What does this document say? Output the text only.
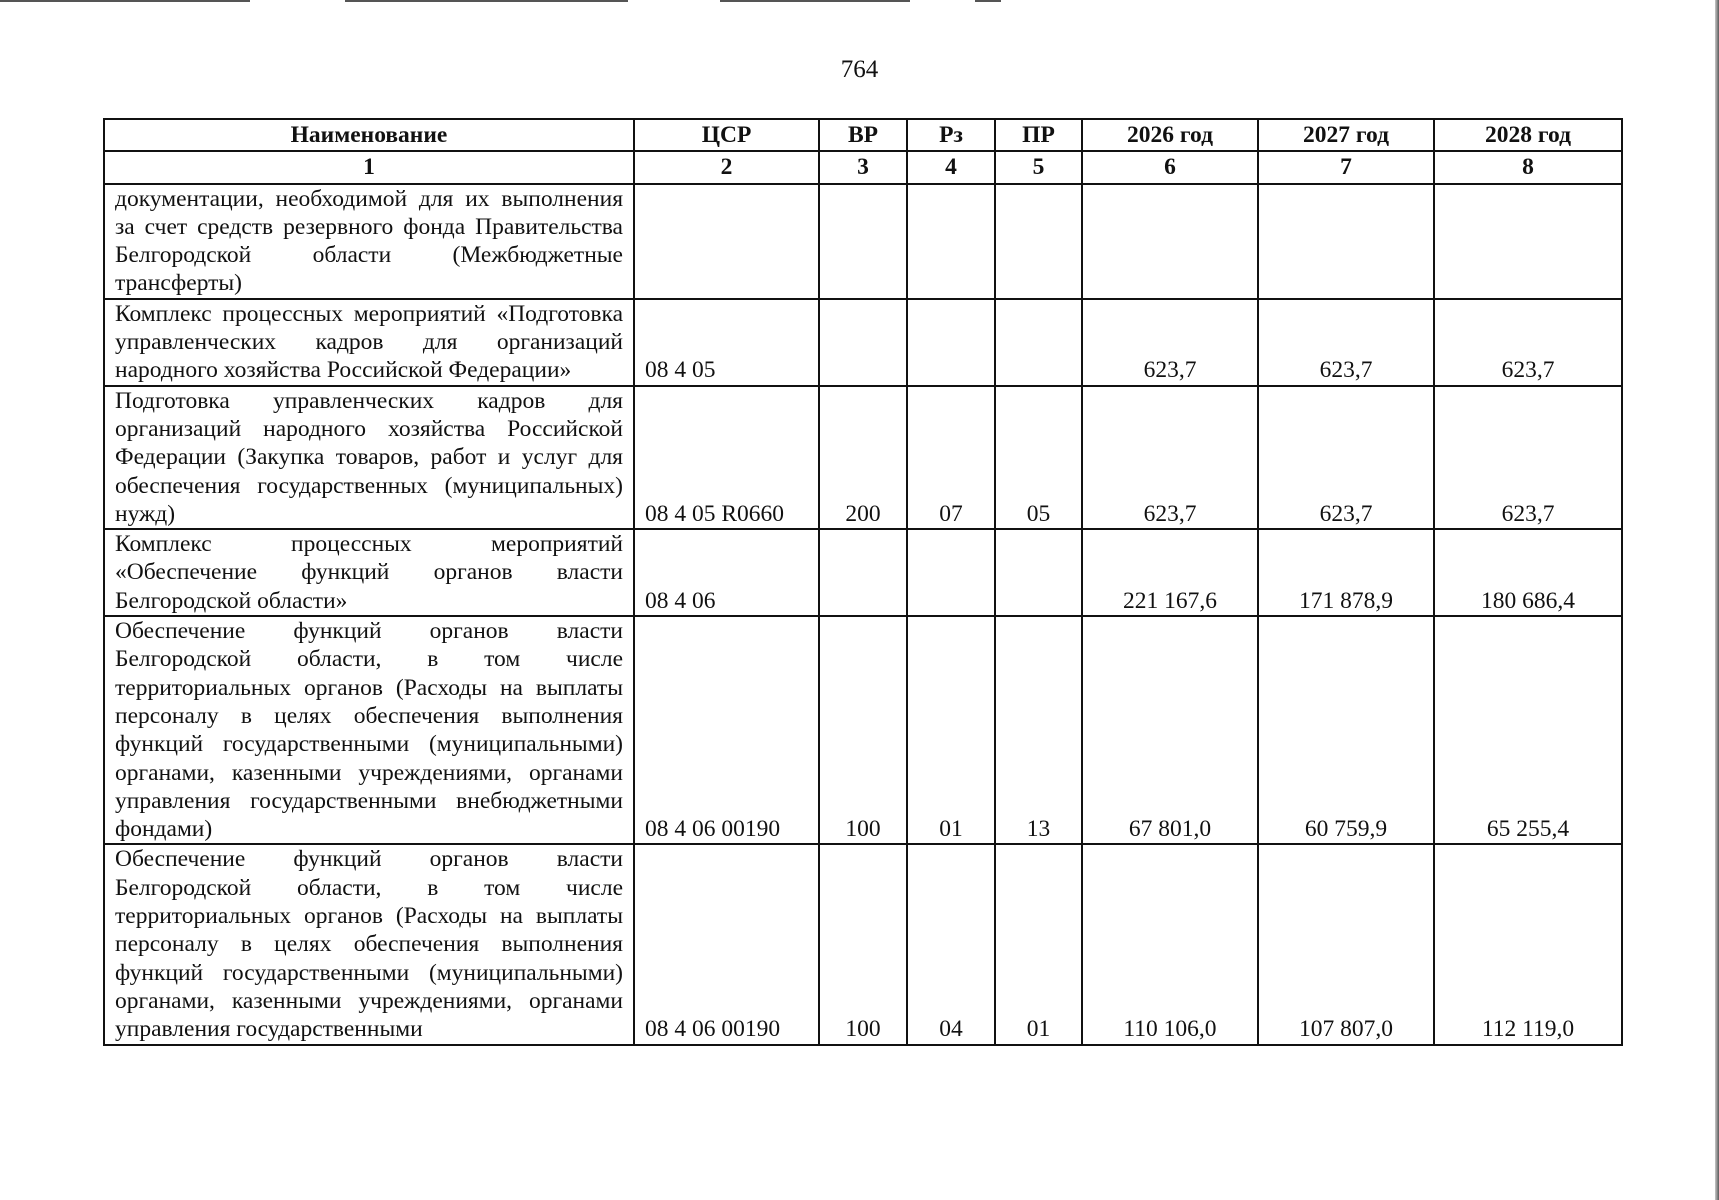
764
Наименование	ЦСР	ВР	Рз	ПР	2026 год	2027 год	2028 год
1	2	3	4	5	6	7	8
документации, необходимой для их выполнения за счет средств резервного фонда Правительства Белгородской области (Межбюджетные трансферты)							
Комплекс процессных мероприятий «Подготовка управленческих кадров для организаций народного хозяйства Российской Федерации»	08 4 05				623,7	623,7	623,7
Подготовка управленческих кадров для организаций народного хозяйства Российской Федерации (Закупка товаров, работ и услуг для обеспечения государственных (муниципальных) нужд)	08 4 05 R0660	200	07	05	623,7	623,7	623,7
Комплекс процессных мероприятий «Обеспечение функций органов власти Белгородской области»	08 4 06				221 167,6	171 878,9	180 686,4
Обеспечение функций органов власти Белгородской области, в том числе территориальных органов (Расходы на выплаты персоналу в целях обеспечения выполнения функций государственными (муниципальными) органами, казенными учреждениями, органами управления государственными внебюджетными фондами)	08 4 06 00190	100	01	13	67 801,0	60 759,9	65 255,4
Обеспечение функций органов власти Белгородской области, в том числе территориальных органов (Расходы на выплаты персоналу в целях обеспечения выполнения функций государственными (муниципальными) органами, казенными учреждениями, органами управления государственными	08 4 06 00190	100	04	01	110 106,0	107 807,0	112 119,0
